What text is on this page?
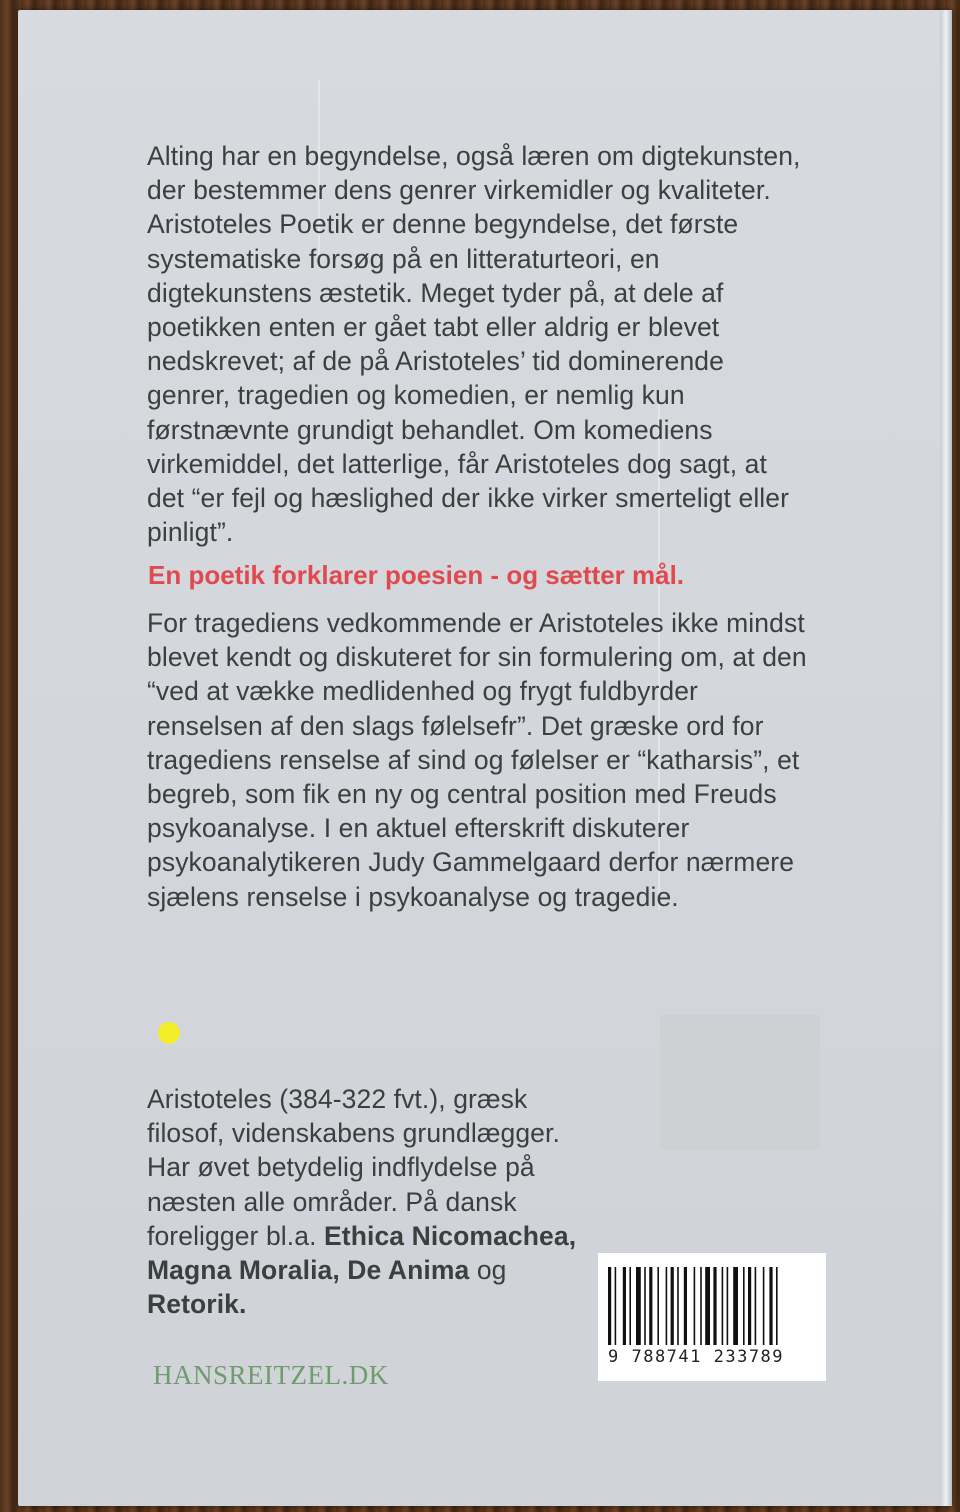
Alting har en begyndelse, også læren om digtekunsten, der bestemmer dens genrer virkemidler og kvaliteter. Aristoteles Poetik er denne begyndelse, det første systematiske forsøg på en litteraturteori, en digtekunstens æstetik. Meget tyder på, at dele af poetikken enten er gået tabt eller aldrig er blevet nedskrevet; af de på Aristoteles’ tid dominerende genrer, tragedien og komedien, er nemlig kun førstnævnte grundigt behandlet. Om komediens virkemiddel, det latterlige, får Aristoteles dog sagt, at det “er fejl og hæslighed der ikke virker smerteligt eller pinligt”.

En poetik forklarer poesien - og sætter mål.

For tragediens vedkommende er Aristoteles ikke mindst blevet kendt og diskuteret for sin formulering om, at den “ved at vække medlidenhed og frygt fuldbyrder renselsen af den slags følelsefr”. Det græske ord for tragediens renselse af sind og følelser er “katharsis”, et begreb, som fik en ny og central position med Freuds psykoanalyse. I en aktuel efterskrift diskuterer psykoanalytikeren Judy Gammelgaard derfor nærmere sjælens renselse i psykoanalyse og tragedie.

Aristoteles (384-322 fvt.), græsk filosof, videnskabens grundlægger. Har øvet betydelig indflydelse på næsten alle områder. På dansk foreligger bl.a. Ethica Nicomachea, Magna Moralia, De Anima og Retorik.

HANSREITZEL.DK

9 788741 233789
